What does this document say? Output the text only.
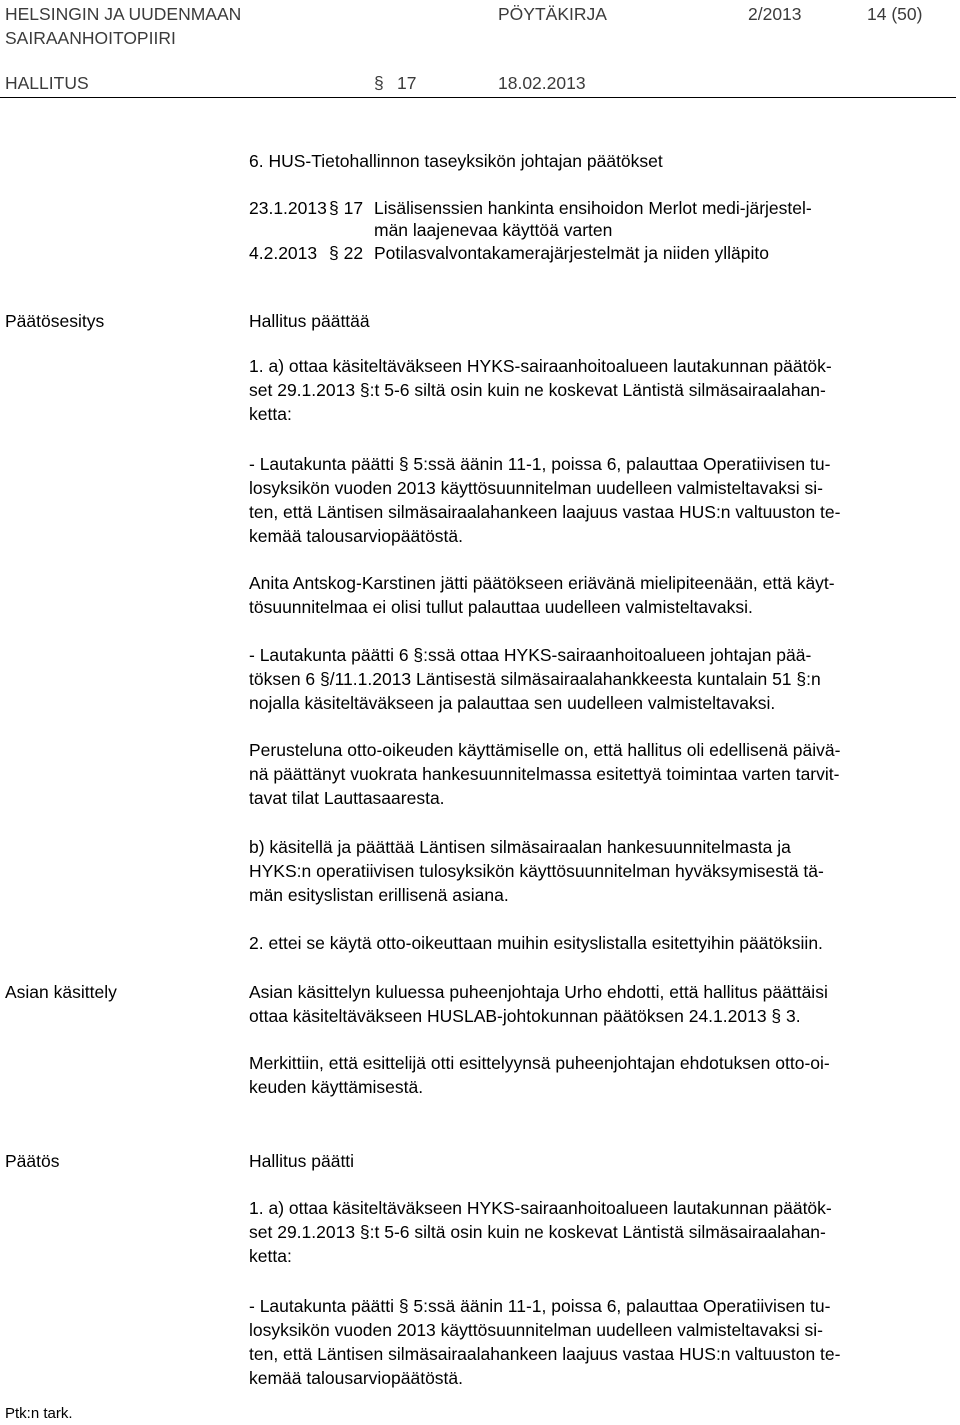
HELSINGIN JA UUDENMAAN
SAIRAANHOITOPIIRI
PÖYTÄKIRJA	2/2013	14 (50)
HALLITUS	§ 17	18.02.2013
6. HUS-Tietohallinnon taseyksikön johtajan päätökset
23.1.2013 § 17 Lisälisenssien hankinta ensihoidon Merlot medi-järjestel-
män laajenevaa käyttöä varten
4.2.2013 § 22 Potilasvalvontakamerajärjestelmät ja niiden ylläpito
Päätösesitys	Hallitus päättää

1. a) ottaa käsiteltäväkseen HYKS-sairaanhoitoalueen lautakunnan päätök-

set 29.1.2013 §:t 5-6 siltä osin kuin ne koskevat Läntistä silmäsairaalahan-

ketta:

- Lautakunta päätti § 5:ssä äänin 11-1, poissa 6, palauttaa Operatiivisen tu-

losyksikön vuoden 2013 käyttösuunnitelman uudelleen valmisteltavaksi si-

ten, että Läntisen silmäsairaalahankeen laajuus vastaa HUS:n valtuuston te-

kemää talousarviopäätöstä.

Anita Antskog-Karstinen jätti päätökseen eriävänä mielipiteenään, että käyt-

tösuunnitelmaa ei olisi tullut palauttaa uudelleen valmisteltavaksi.

- Lautakunta päätti 6 §:ssä ottaa HYKS-sairaanhoitoalueen johtajan pää-

töksen 6 §/11.1.2013 Läntisestä silmäsairaalahankkeesta kuntalain 51 §:n

nojalla käsiteltäväkseen ja palauttaa sen uudelleen valmisteltavaksi.

Perusteluna otto-oikeuden käyttämiselle on, että hallitus oli edellisenä päivä-

nä päättänyt vuokrata hankesuunnitelmassa esitettyä toimintaa varten tarvit-

tavat tilat Lauttasaaresta.

b) käsitellä ja päättää Läntisen silmäsairaalan hankesuunnitelmasta ja

HYKS:n operatiivisen tulosyksikön käyttösuunnitelman hyväksymisestä tä-

män esityslistan erillisenä asiana.

2. ettei se käytä otto-oikeuttaan muihin esityslistalla esitettyihin päätöksiin.

Asian käsittely	Asian käsittelyn kuluessa puheenjohtaja Urho ehdotti, että hallitus päättäisi

ottaa käsiteltäväkseen HUSLAB-johtokunnan päätöksen 24.1.2013 § 3.

Merkittiin, että esittelijä otti esittelyynsä puheenjohtajan ehdotuksen otto-oi-

keuden käyttämisestä.

Päätös	Hallitus päätti

1. a) ottaa käsiteltäväkseen HYKS-sairaanhoitoalueen lautakunnan päätök-

set 29.1.2013 §:t 5-6 siltä osin kuin ne koskevat Läntistä silmäsairaalahan-

ketta:

- Lautakunta päätti § 5:ssä äänin 11-1, poissa 6, palauttaa Operatiivisen tu-

losyksikön vuoden 2013 käyttösuunnitelman uudelleen valmisteltavaksi si-

ten, että Läntisen silmäsairaalahankeen laajuus vastaa HUS:n valtuuston te-

kemää talousarviopäätöstä.

Ptk:n tark.
